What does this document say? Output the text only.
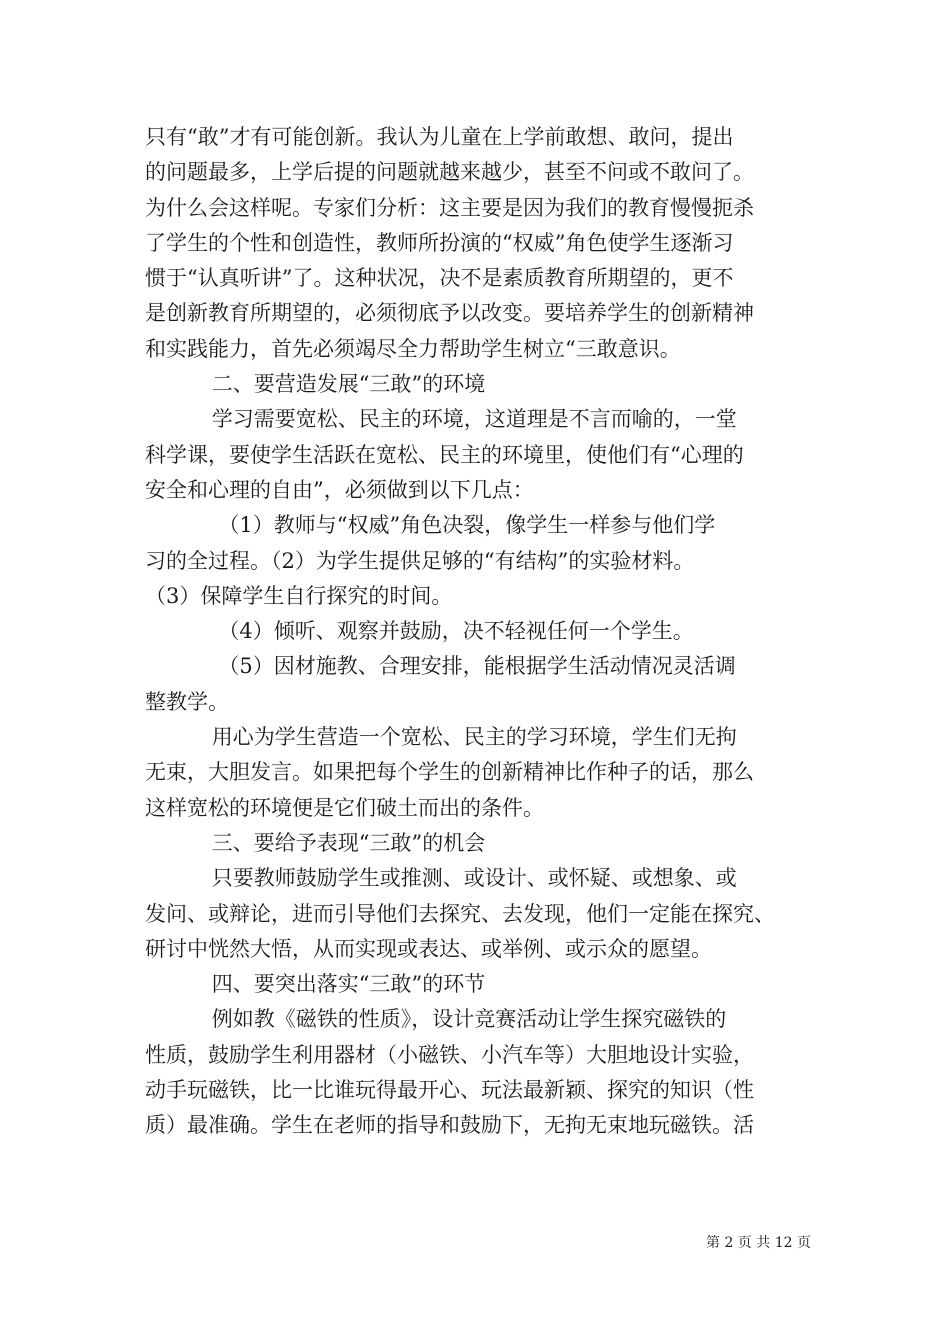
只有“敢”才有可能创新。我认为儿童在上学前敢想、敢问，提出
的问题最多，上学后提的问题就越来越少，甚至不问或不敢问了。
为什么会这样呢。专家们分析：这主要是因为我们的教育慢慢扼杀
了学生的个性和创造性，教师所扮演的“权威”角色使学生逐渐习
惯于“认真听讲”了。这种状况，决不是素质教育所期望的，更不
是创新教育所期望的，必须彻底予以改变。要培养学生的创新精神
和实践能力，首先必须竭尽全力帮助学生树立“三敢意识。
二、要营造发展“三敢”的环境
学习需要宽松、民主的环境，这道理是不言而喻的，一堂
科学课，要使学生活跃在宽松、民主的环境里，使他们有“心理的
安全和心理的自由”，必须做到以下几点：
（1）教师与“权威”角色决裂，像学生一样参与他们学
习的全过程。（2）为学生提供足够的“有结构”的实验材料。
（3）保障学生自行探究的时间。
（4）倾听、观察并鼓励，决不轻视任何一个学生。
（5）因材施教、合理安排，能根据学生活动情况灵活调
整教学。
用心为学生营造一个宽松、民主的学习环境，学生们无拘
无束，大胆发言。如果把每个学生的创新精神比作种子的话，那么
这样宽松的环境便是它们破土而出的条件。
三、要给予表现“三敢”的机会
只要教师鼓励学生或推测、或设计、或怀疑、或想象、或
发问、或辩论，进而引导他们去探究、去发现，他们一定能在探究、
研讨中恍然大悟，从而实现或表达、或举例、或示众的愿望。
四、要突出落实“三敢”的环节
例如教《磁铁的性质》，设计竞赛活动让学生探究磁铁的
性质，鼓励学生利用器材（小磁铁、小汽车等）大胆地设计实验，
动手玩磁铁，比一比谁玩得最开心、玩法最新颖、探究的知识（性
质）最准确。学生在老师的指导和鼓励下，无拘无束地玩磁铁。活
第 2 页 共 12 页
